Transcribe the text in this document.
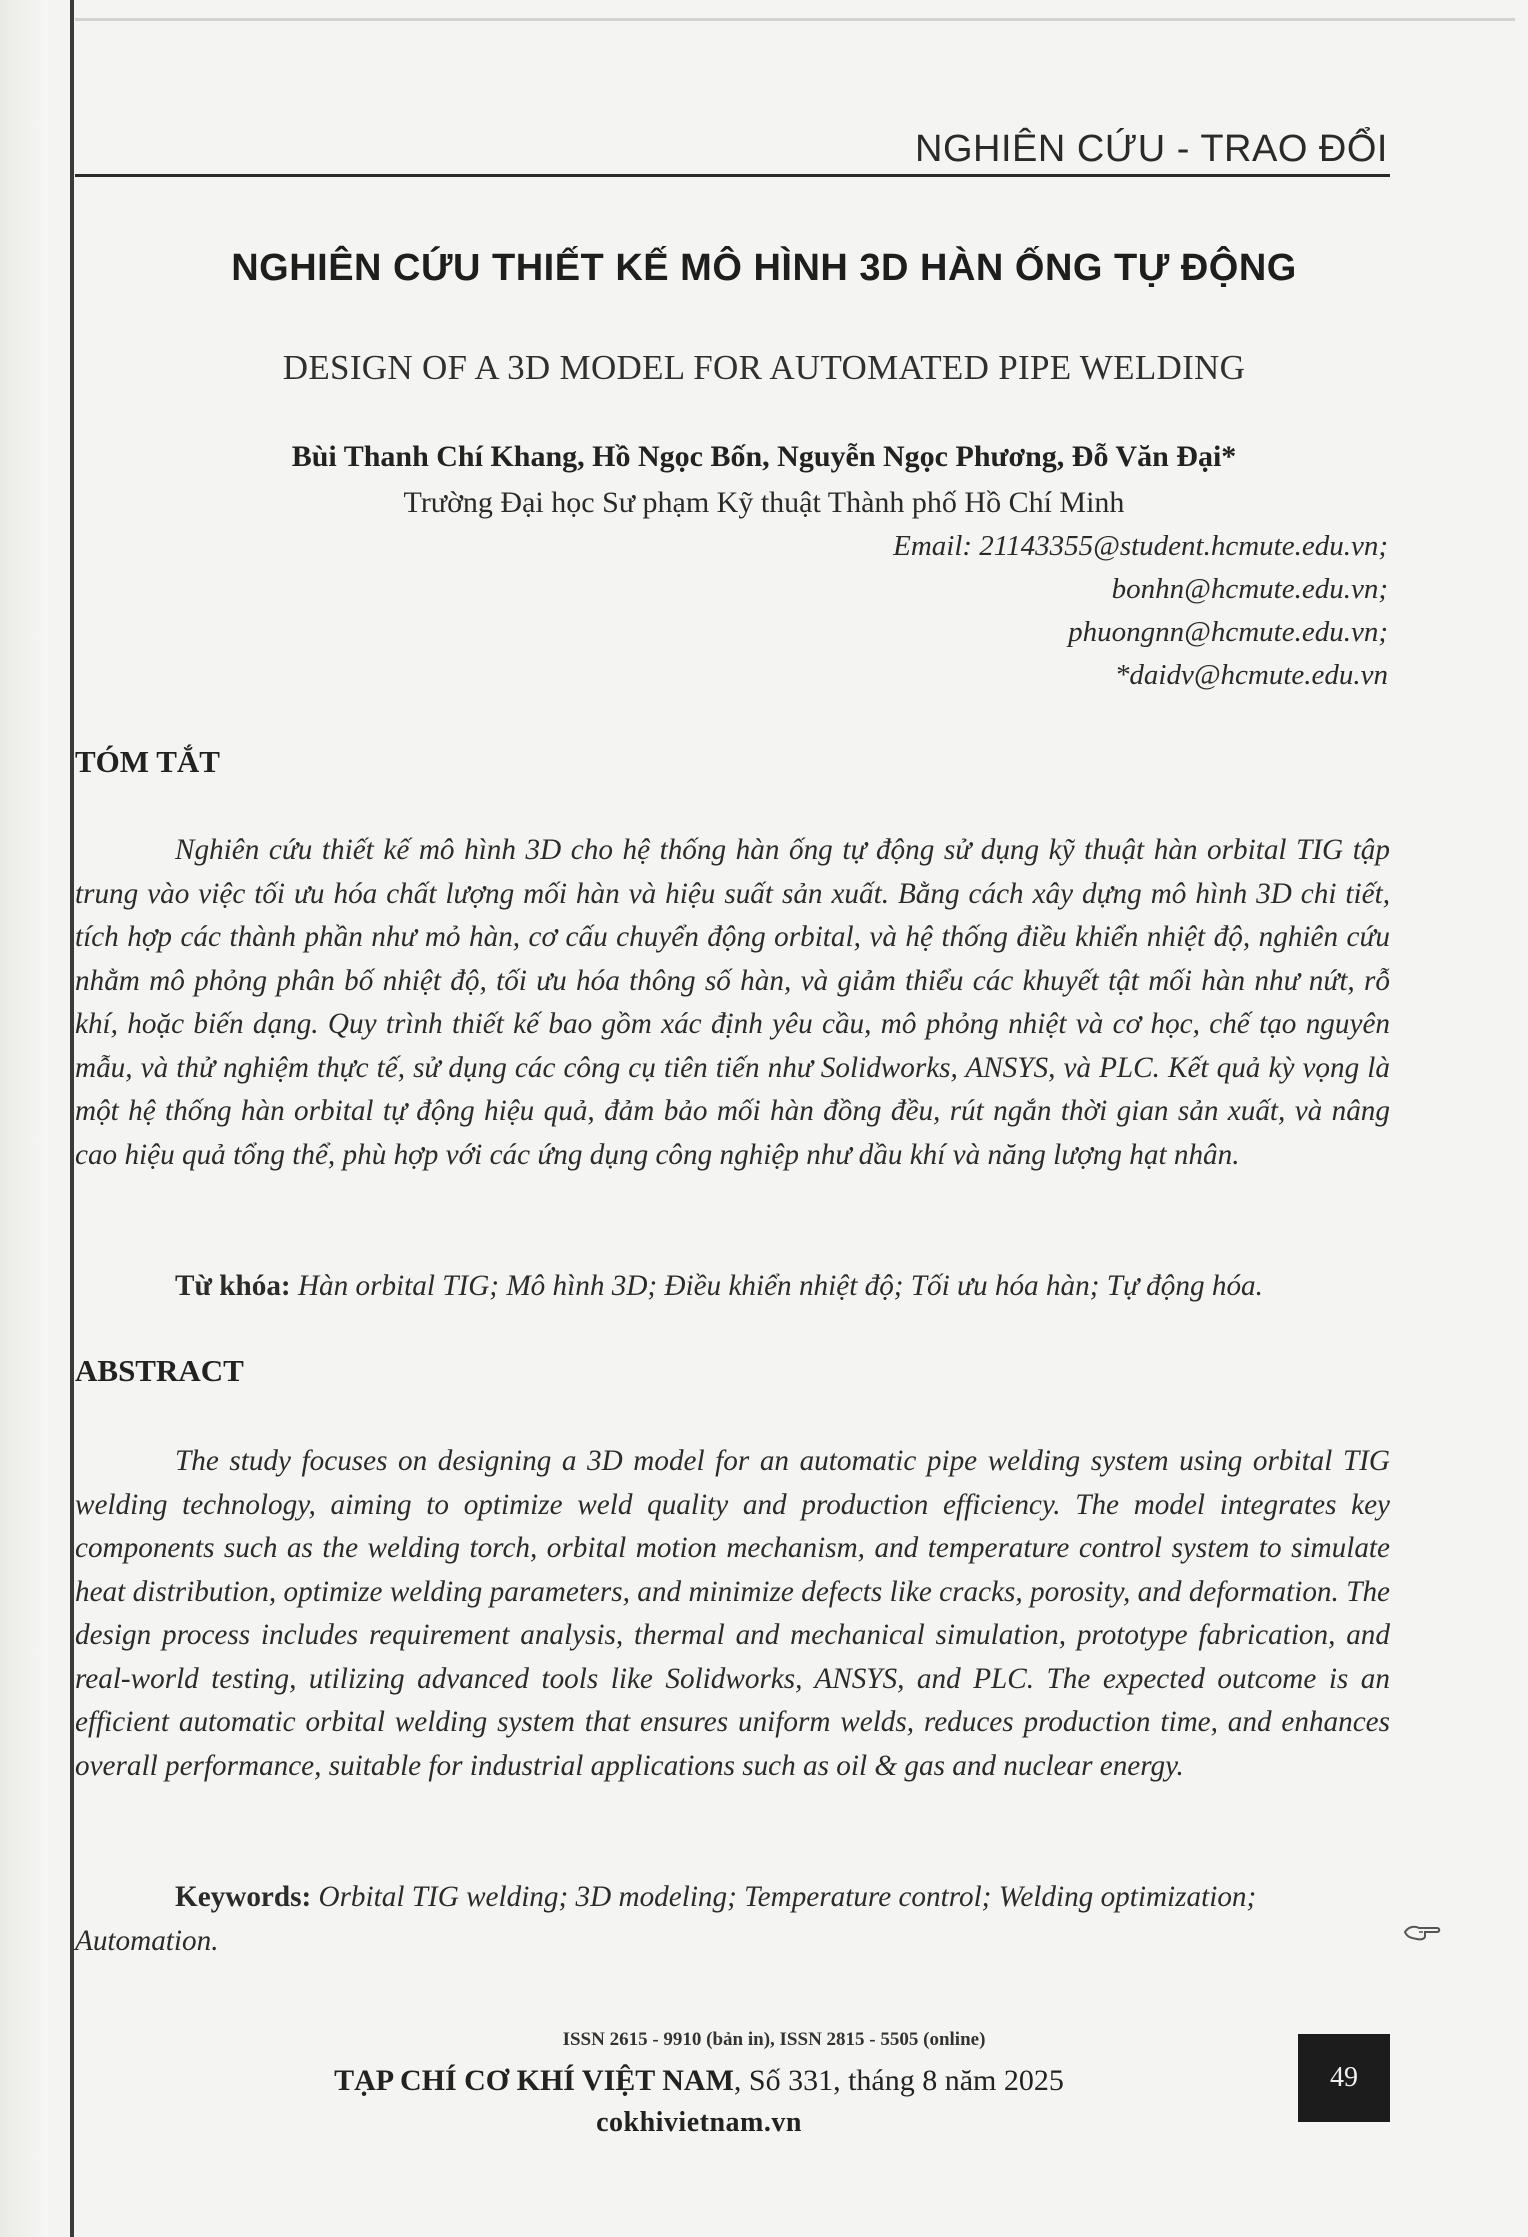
NGHIÊN CỨU - TRAO ĐỔI
NGHIÊN CỨU THIẾT KẾ MÔ HÌNH 3D HÀN ỐNG TỰ ĐỘNG
DESIGN OF A 3D MODEL FOR AUTOMATED PIPE WELDING
Bùi Thanh Chí Khang, Hồ Ngọc Bốn, Nguyễn Ngọc Phương, Đỗ Văn Đại*
Trường Đại học Sư phạm Kỹ thuật Thành phố Hồ Chí Minh
Email: 21143355@student.hcmute.edu.vn;
bonhn@hcmute.edu.vn;
phuongnn@hcmute.edu.vn;
*daidv@hcmute.edu.vn
TÓM TẮT

Nghiên cứu thiết kế mô hình 3D cho hệ thống hàn ống tự động sử dụng kỹ thuật hàn orbital TIG tập trung vào việc tối ưu hóa chất lượng mối hàn và hiệu suất sản xuất. Bằng cách xây dựng mô hình 3D chi tiết, tích hợp các thành phần như mỏ hàn, cơ cấu chuyển động orbital, và hệ thống điều khiển nhiệt độ, nghiên cứu nhằm mô phỏng phân bố nhiệt độ, tối ưu hóa thông số hàn, và giảm thiểu các khuyết tật mối hàn như nứt, rỗ khí, hoặc biến dạng. Quy trình thiết kế bao gồm xác định yêu cầu, mô phỏng nhiệt và cơ học, chế tạo nguyên mẫu, và thử nghiệm thực tế, sử dụng các công cụ tiên tiến như Solidworks, ANSYS, và PLC. Kết quả kỳ vọng là một hệ thống hàn orbital tự động hiệu quả, đảm bảo mối hàn đồng đều, rút ngắn thời gian sản xuất, và nâng cao hiệu quả tổng thể, phù hợp với các ứng dụng công nghiệp như dầu khí và năng lượng hạt nhân.

Từ khóa: Hàn orbital TIG; Mô hình 3D; Điều khiển nhiệt độ; Tối ưu hóa hàn; Tự động hóa.

ABSTRACT

The study focuses on designing a 3D model for an automatic pipe welding system using orbital TIG welding technology, aiming to optimize weld quality and production efficiency. The model integrates key components such as the welding torch, orbital motion mechanism, and temperature control system to simulate heat distribution, optimize welding parameters, and minimize defects like cracks, porosity, and deformation. The design process includes requirement analysis, thermal and mechanical simulation, prototype fabrication, and real-world testing, utilizing advanced tools like Solidworks, ANSYS, and PLC. The expected outcome is an efficient automatic orbital welding system that ensures uniform welds, reduces production time, and enhances overall performance, suitable for industrial applications such as oil & gas and nuclear energy.

Keywords: Orbital TIG welding; 3D modeling; Temperature control; Welding optimization; Automation.

ISSN 2615 - 9910 (bản in), ISSN 2815 - 5505 (online)
TẠP CHÍ CƠ KHÍ VIỆT NAM, Số 331, tháng 8 năm 2025
cokhivietnam.vn
49
